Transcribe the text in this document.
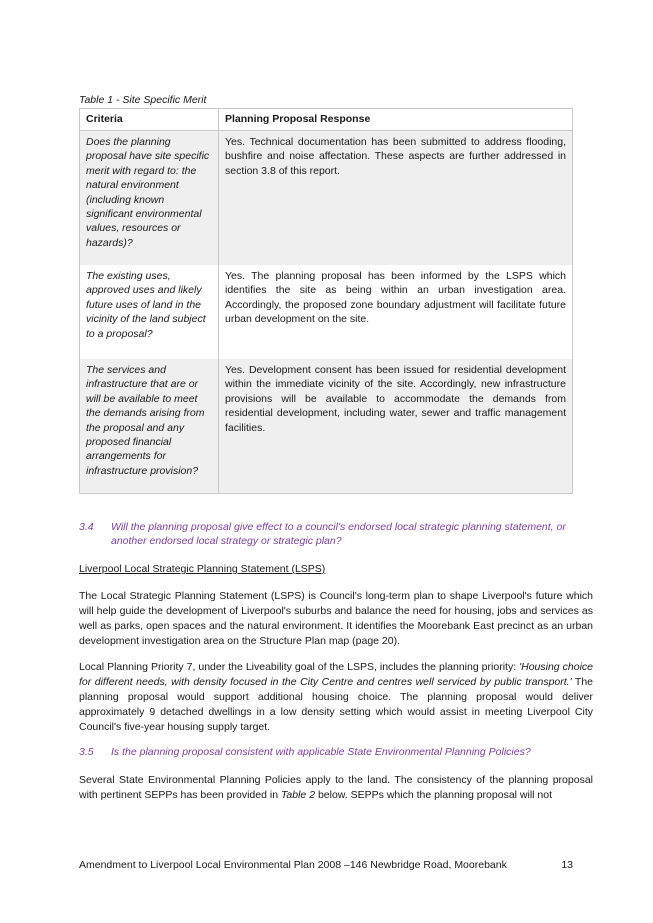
Table 1 - Site Specific Merit
Criteria	Planning Proposal Response
Does the planning proposal have site specific merit with regard to: the natural environment (including known significant environmental values, resources or hazards)?	Yes. Technical documentation has been submitted to address flooding, bushfire and noise affectation. These aspects are further addressed in section 3.8 of this report.
The existing uses, approved uses and likely future uses of land in the vicinity of the land subject to a proposal?	Yes. The planning proposal has been informed by the LSPS which identifies the site as being within an urban investigation area. Accordingly, the proposed zone boundary adjustment will facilitate future urban development on the site.
The services and infrastructure that are or will be available to meet the demands arising from the proposal and any proposed financial arrangements for infrastructure provision?	Yes. Development consent has been issued for residential development within the immediate vicinity of the site. Accordingly, new infrastructure provisions will be available to accommodate the demands from residential development, including water, sewer and traffic management facilities.
3.4 Will the planning proposal give effect to a council's endorsed local strategic planning statement, or another endorsed local strategy or strategic plan?
Liverpool Local Strategic Planning Statement (LSPS)
The Local Strategic Planning Statement (LSPS) is Council's long-term plan to shape Liverpool's future which will help guide the development of Liverpool's suburbs and balance the need for housing, jobs and services as well as parks, open spaces and the natural environment. It identifies the Moorebank East precinct as an urban development investigation area on the Structure Plan map (page 20).
Local Planning Priority 7, under the Liveability goal of the LSPS, includes the planning priority: 'Housing choice for different needs, with density focused in the City Centre and centres well serviced by public transport.' The planning proposal would support additional housing choice. The planning proposal would deliver approximately 9 detached dwellings in a low density setting which would assist in meeting Liverpool City Council's five-year housing supply target.
3.5 Is the planning proposal consistent with applicable State Environmental Planning Policies?
Several State Environmental Planning Policies apply to the land. The consistency of the planning proposal with pertinent SEPPs has been provided in Table 2 below. SEPPs which the planning proposal will not
Amendment to Liverpool Local Environmental Plan 2008 –146 Newbridge Road, Moorebank	13
